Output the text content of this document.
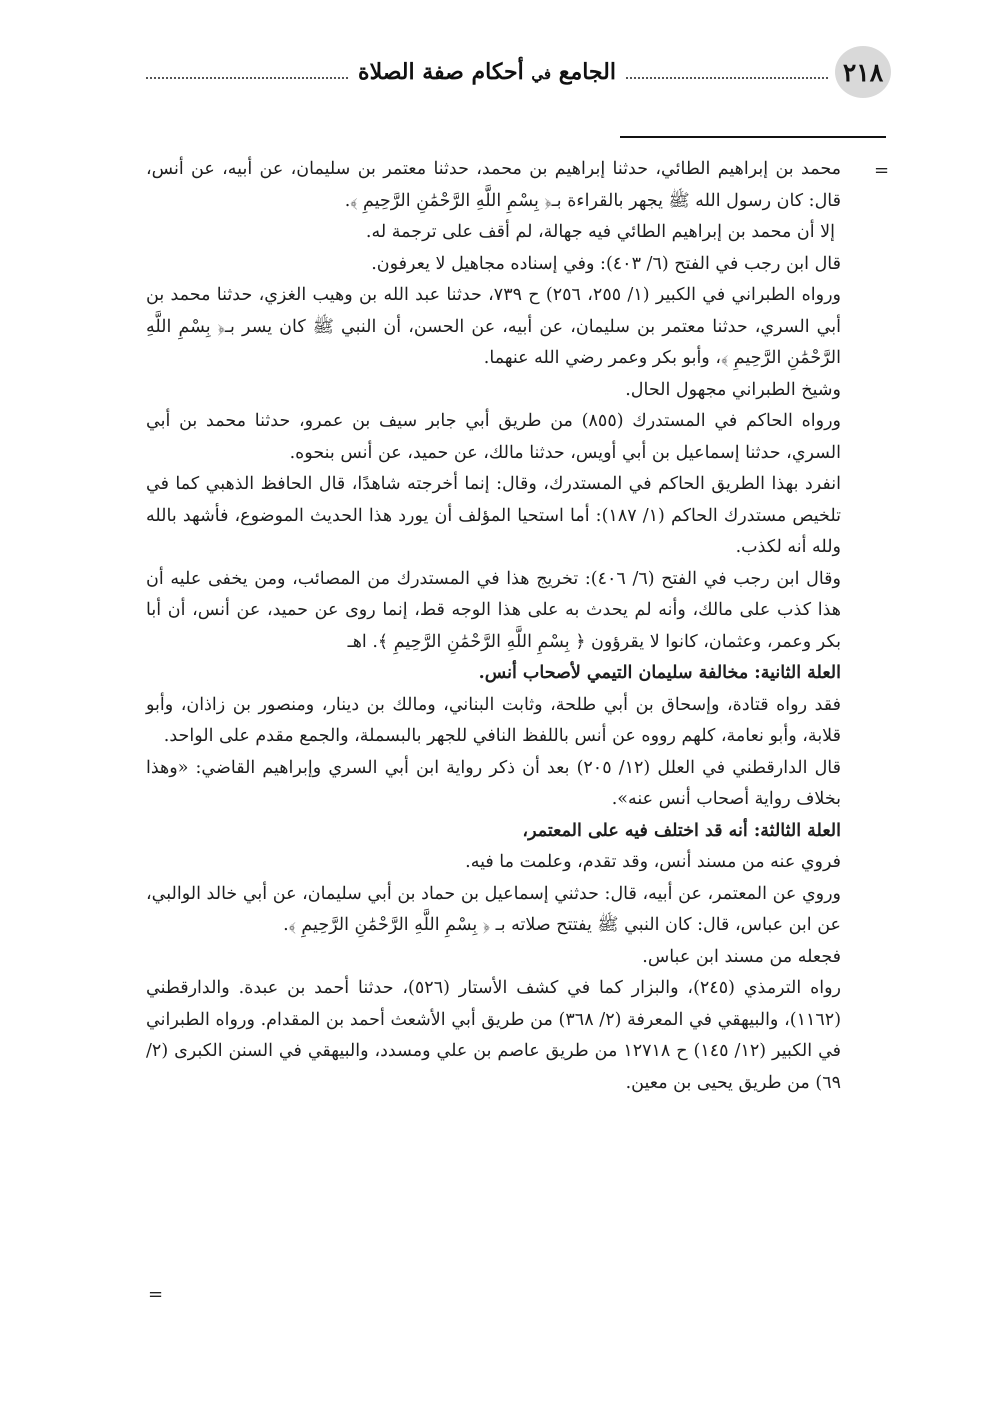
٢١٨
الجامع في أحكام صفة الصلاة
=
=

محمد بن إبراهيم الطائي، حدثنا إبراهيم بن محمد، حدثنا معتمر بن سليمان، عن أبيه، عن أنس، قال: كان رسول الله ﷺ يجهر بالقراءة بـ﴿ بِسْمِ اللَّهِ الرَّحْمَٰنِ الرَّحِيمِ ﴾.

إلا أن محمد بن إبراهيم الطائي فيه جهالة، لم أقف على ترجمة له.

قال ابن رجب في الفتح (٦/ ٤٠٣): وفي إسناده مجاهيل لا يعرفون.

ورواه الطبراني في الكبير (١/ ٢٥٥، ٢٥٦) ح ٧٣٩، حدثنا عبد الله بن وهيب الغزي، حدثنا محمد بن أبي السري، حدثنا معتمر بن سليمان، عن أبيه، عن الحسن، أن النبي ﷺ كان يسر بـ﴿ بِسْمِ اللَّهِ الرَّحْمَٰنِ الرَّحِيمِ ﴾، وأبو بكر وعمر رضي الله عنهما.

وشيخ الطبراني مجهول الحال.

ورواه الحاكم في المستدرك (٨٥٥) من طريق أبي جابر سيف بن عمرو، حدثنا محمد بن أبي السري، حدثنا إسماعيل بن أبي أويس، حدثنا مالك، عن حميد، عن أنس بنحوه.

انفرد بهذا الطريق الحاكم في المستدرك، وقال: إنما أخرجته شاهدًا، قال الحافظ الذهبي كما في تلخيص مستدرك الحاكم (١/ ١٨٧): أما استحيا المؤلف أن يورد هذا الحديث الموضوع، فأشهد بالله ولله أنه لكذب.

وقال ابن رجب في الفتح (٦/ ٤٠٦): تخريج هذا في المستدرك من المصائب، ومن يخفى عليه أن هذا كذب على مالك، وأنه لم يحدث به على هذا الوجه قط، إنما روى عن حميد، عن أنس، أن أبا بكر وعمر، وعثمان، كانوا لا يقرؤون ﴿ بِسْمِ اللَّهِ الرَّحْمَٰنِ الرَّحِيمِ ﴾. اهـ

العلة الثانية: مخالفة سليمان التيمي لأصحاب أنس.

فقد رواه قتادة، وإسحاق بن أبي طلحة، وثابت البناني، ومالك بن دينار، ومنصور بن زاذان، وأبو قلابة، وأبو نعامة، كلهم رووه عن أنس باللفظ النافي للجهر بالبسملة، والجمع مقدم على الواحد.

قال الدارقطني في العلل (١٢/ ٢٠٥) بعد أن ذكر رواية ابن أبي السري وإبراهيم القاضي: «وهذا بخلاف رواية أصحاب أنس عنه».

العلة الثالثة: أنه قد اختلف فيه على المعتمر،

فروي عنه من مسند أنس، وقد تقدم، وعلمت ما فيه.

وروي عن المعتمر، عن أبيه، قال: حدثني إسماعيل بن حماد بن أبي سليمان، عن أبي خالد الوالبي، عن ابن عباس، قال: كان النبي ﷺ يفتتح صلاته بـ ﴿ بِسْمِ اللَّهِ الرَّحْمَٰنِ الرَّحِيمِ ﴾.

فجعله من مسند ابن عباس.

رواه الترمذي (٢٤٥)، والبزار كما في كشف الأستار (٥٢٦)، حدثنا أحمد بن عبدة. والدارقطني (١١٦٢)، والبيهقي في المعرفة (٢/ ٣٦٨) من طريق أبي الأشعث أحمد بن المقدام. ورواه الطبراني في الكبير (١٢/ ١٤٥) ح ١٢٧١٨ من طريق عاصم بن علي ومسدد، والبيهقي في السنن الكبرى (٢/ ٦٩) من طريق يحيى بن معين.
